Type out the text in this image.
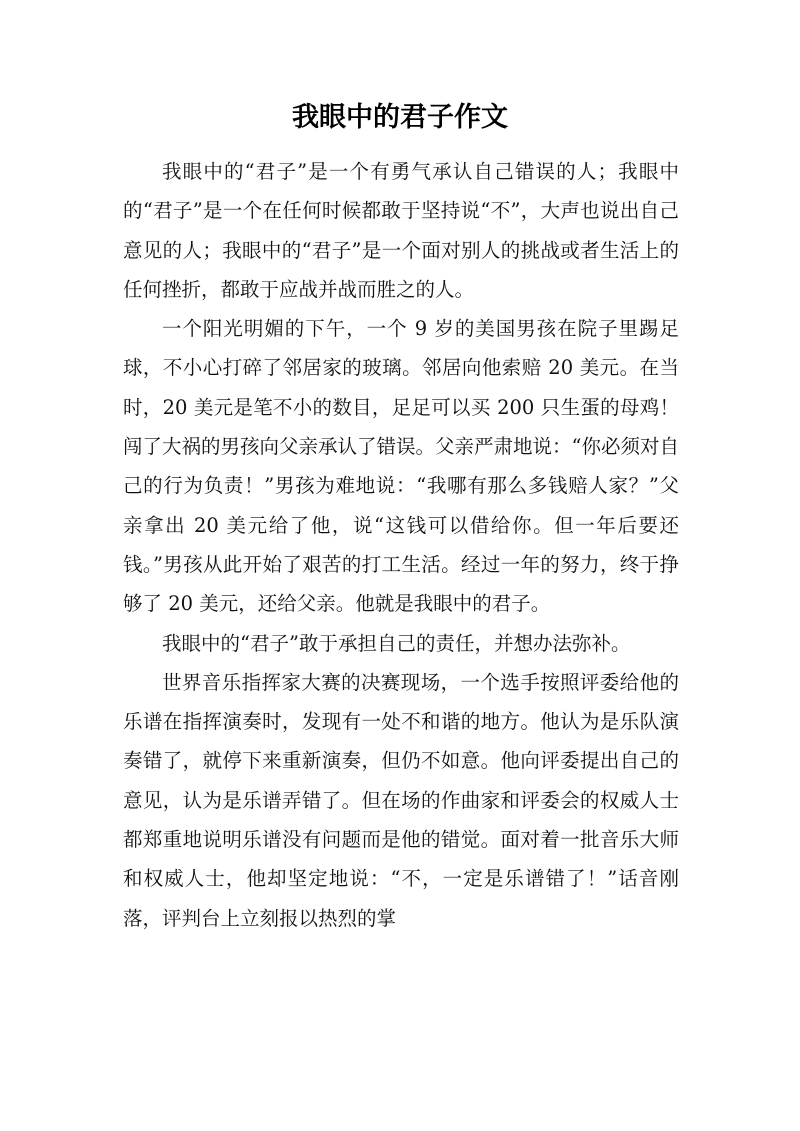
我眼中的君子作文

我眼中的“君子”是一个有勇气承认自己错误的人；我眼中的“君子”是一个在任何时候都敢于坚持说“不”，大声也说出自己意见的人；我眼中的“君子”是一个面对别人的挑战或者生活上的任何挫折，都敢于应战并战而胜之的人。

一个阳光明媚的下午，一个 9 岁的美国男孩在院子里踢足球，不小心打碎了邻居家的玻璃。邻居向他索赔 20 美元。在当时，20 美元是笔不小的数目，足足可以买 200 只生蛋的母鸡！闯了大祸的男孩向父亲承认了错误。父亲严肃地说：“你必须对自己的行为负责！”男孩为难地说：“我哪有那么多钱赔人家？”父亲拿出 20 美元给了他，说“这钱可以借给你。但一年后要还钱。”男孩从此开始了艰苦的打工生活。经过一年的努力，终于挣够了 20 美元，还给父亲。他就是我眼中的君子。

我眼中的“君子”敢于承担自己的责任，并想办法弥补。

世界音乐指挥家大赛的决赛现场，一个选手按照评委给他的乐谱在指挥演奏时，发现有一处不和谐的地方。他认为是乐队演奏错了，就停下来重新演奏，但仍不如意。他向评委提出自己的意见，认为是乐谱弄错了。但在场的作曲家和评委会的权威人士都郑重地说明乐谱没有问题而是他的错觉。面对着一批音乐大师和权威人士，他却坚定地说：“不，一定是乐谱错了！”话音刚落，评判台上立刻报以热烈的掌
